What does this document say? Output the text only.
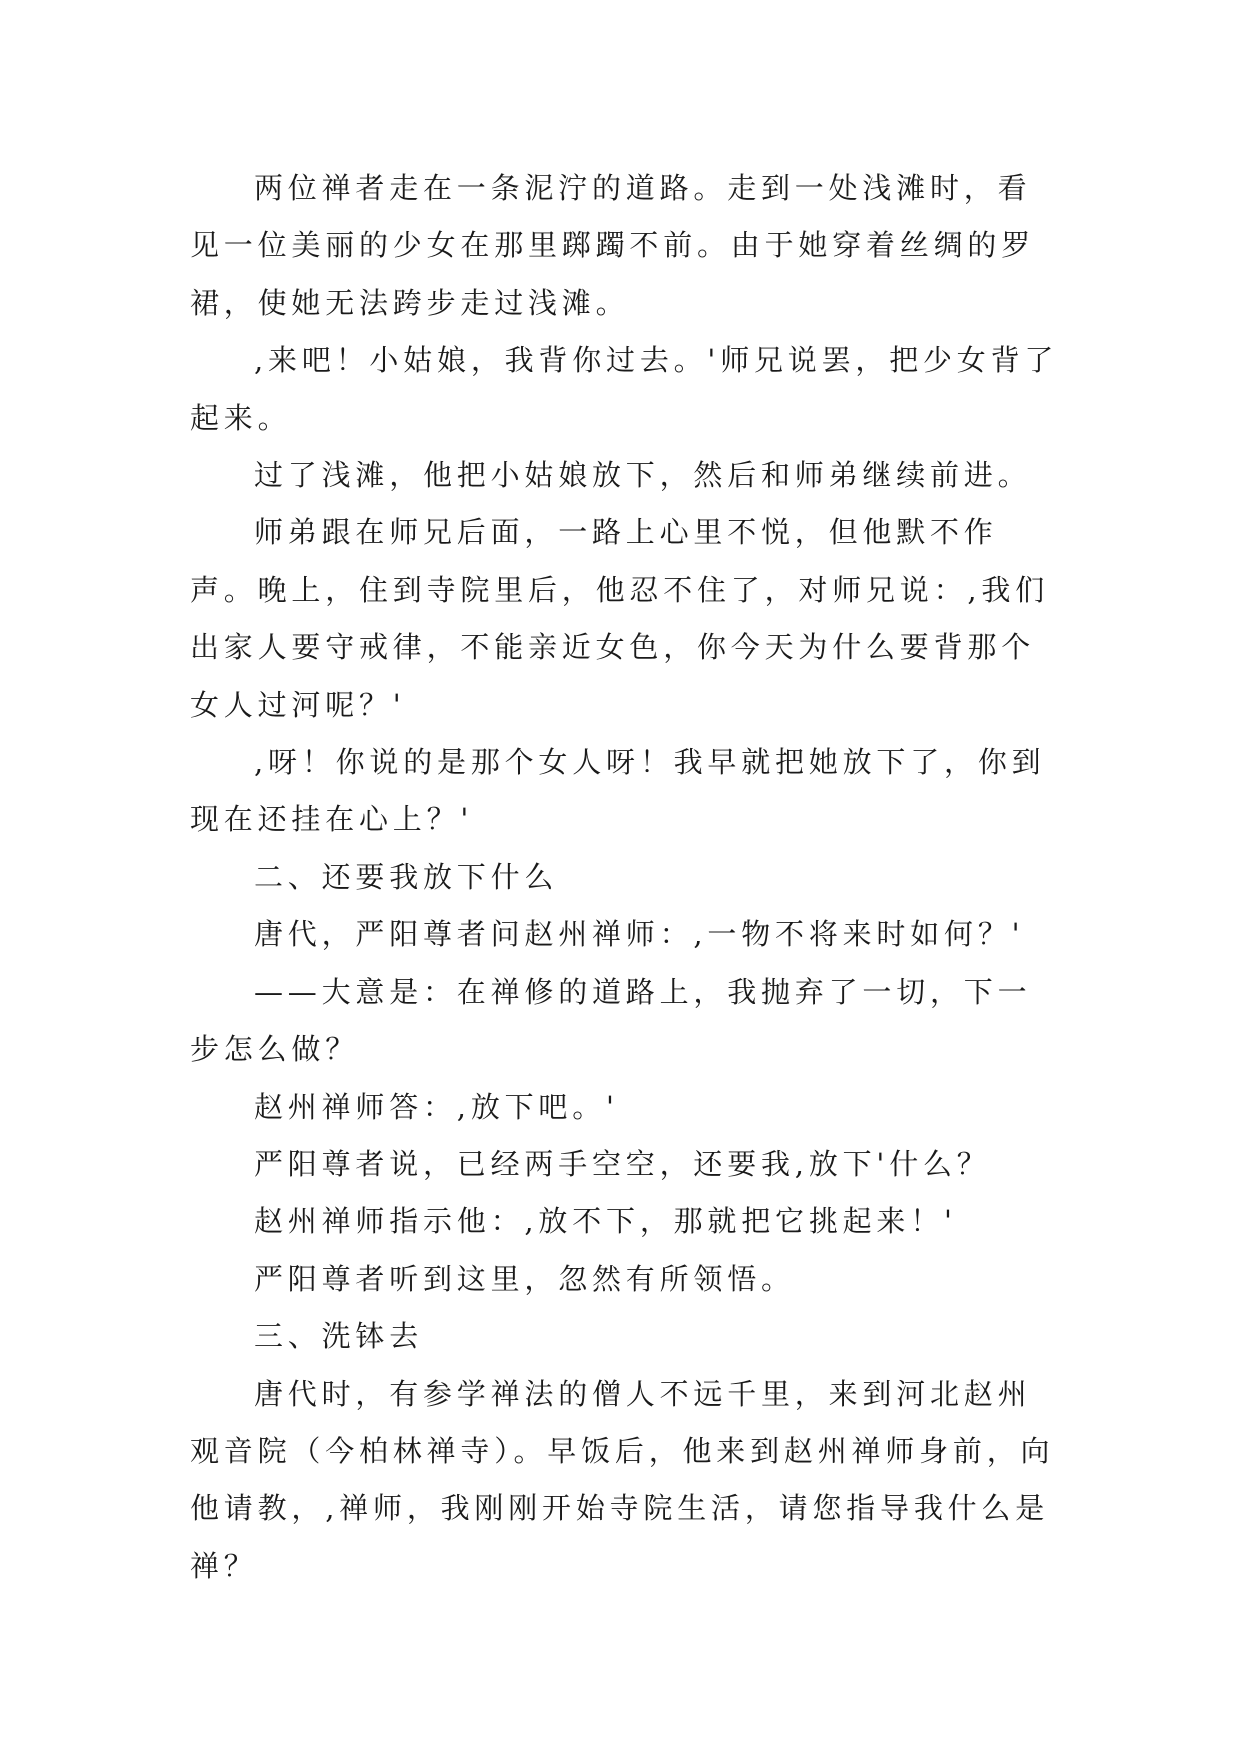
两位禅者走在一条泥泞的道路。走到一处浅滩时，看见一位美丽的少女在那里踯躅不前。由于她穿着丝绸的罗裙，使她无法跨步走过浅滩。

,来吧！小姑娘，我背你过去。'师兄说罢，把少女背了起来。

过了浅滩，他把小姑娘放下，然后和师弟继续前进。

师弟跟在师兄后面，一路上心里不悦，但他默不作声。晚上，住到寺院里后，他忍不住了，对师兄说：,我们出家人要守戒律，不能亲近女色，你今天为什么要背那个女人过河呢？'

,呀！你说的是那个女人呀！我早就把她放下了，你到现在还挂在心上？'

二、还要我放下什么

唐代，严阳尊者问赵州禅师：,一物不将来时如何？'

——大意是：在禅修的道路上，我抛弃了一切，下一步怎么做？

赵州禅师答：,放下吧。'

严阳尊者说，已经两手空空，还要我,放下'什么？

赵州禅师指示他：,放不下，那就把它挑起来！'

严阳尊者听到这里，忽然有所领悟。

三、洗钵去

唐代时，有参学禅法的僧人不远千里，来到河北赵州观音院（今柏林禅寺）。早饭后，他来到赵州禅师身前，向他请教，,禅师，我刚刚开始寺院生活，请您指导我什么是禅？
